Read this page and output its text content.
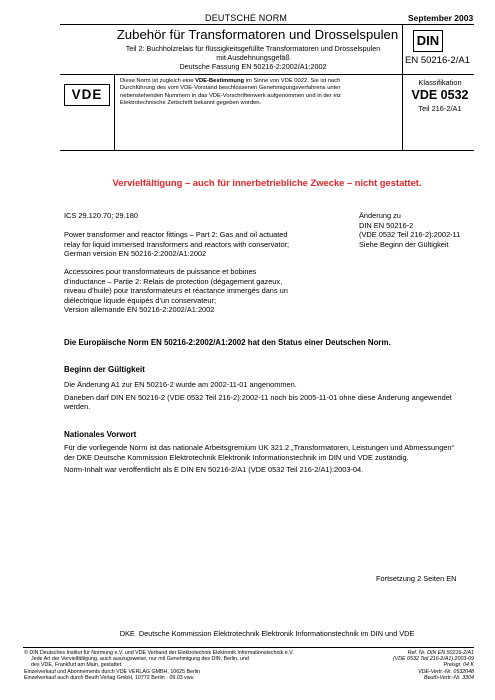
DEUTSCHE NORM	September 2003
Zubehör für Transformatoren und Drosselspulen
Teil 2: Buchholzrelais für flüssigkeitsgefüllte Transformatoren und Drosselspulen
mit Ausdehnungsgefäß
Deutsche Fassung EN 50216-2:2002/A1:2002
DIN
EN 50216-2/A1
VDE
Diese Norm ist zugleich eine VDE-Bestimmung im Sinne von VDE 0022. Sie ist nach
Durchführung des vom VDE-Vorstand beschlossenen Genehmigungsverfahrens unter
nebenstehenden Nummern in das VDE-Vorschriftenwerk aufgenommen und in der etz
Elektrotechnische Zeitschrift bekannt gegeben worden.
Klassifikation
VDE 0532
Teil 216-2/A1
Vervielfältigung – auch für innerbetriebliche Zwecke – nicht gestattet.
ICS 29.120.70; 29.180
Power transformer and reactor fittings – Part 2: Gas and oil actuated
relay for liquid immersed transformers and reactors with conservator;
German version EN 50216-2:2002/A1:2002
Accessoires pour transformateurs de puissance et bobines
d’inductance – Partie 2: Relais de protection (dégagement gazeux,
niveau d’huile) pour transformateurs et réactance immergés dans un
diélectrique liquide équipés d’un conservateur;
Version allemande EN 50216-2:2002/A1:2002
Änderung zu
DIN EN 50216-2
(VDE 0532 Teil 216-2):2002-11
Siehe Beginn der Gültigkeit
Die Europäische Norm EN 50216-2:2002/A1:2002 hat den Status einer Deutschen Norm.
Beginn der Gültigkeit
Die Änderung A1 zur EN 50216-2 wurde am 2002-11-01 angenommen.
Daneben darf DIN EN 50216-2 (VDE 0532 Teil 216-2):2002-11 noch bis 2005-11-01 ohne diese Änderung angewendet
werden.
Nationales Vorwort
Für die vorliegende Norm ist das nationale Arbeitsgremium UK 321.2 „Transformatoren, Leistungen und Abmessungen“
der DKE Deutsche Kommission Elektrotechnik Elektronik Informationstechnik im DIN und VDE zuständig.
Norm-Inhalt war veröffentlicht als E DIN EN 50216-2/A1 (VDE 0532 Teil 216-2/A1):2003-04.
Fortsetzung 2 Seiten EN
DKE Deutsche Kommission Elektrotechnik Elektronik Informationstechnik im DIN und VDE
© DIN Deutsches Institut für Normung e.V. und VDE Verband der Elektrotechnik Elektronik Informationstechnik e.V.
Jede Art der Vervielfältigung, auch auszugsweise, nur mit Genehmigung des DIN, Berlin, und
des VDE, Frankfurt am Main, gestattet.
Einzelverkauf und Abonnements durch VDE VERLAG GMBH, 10625 Berlin
Einzelverkauf auch durch Beuth Verlag GmbH, 10772 Berlin · 09.03 vwu
Ref. Nr. DIN EN 50216-2/A1
(VDE 0532 Teil 216-2/A1):2003-09
Preisgr. 04 K
VDE-Vertr.-Nr. 0532048
Beuth-Vertr.-Nr. 3304
